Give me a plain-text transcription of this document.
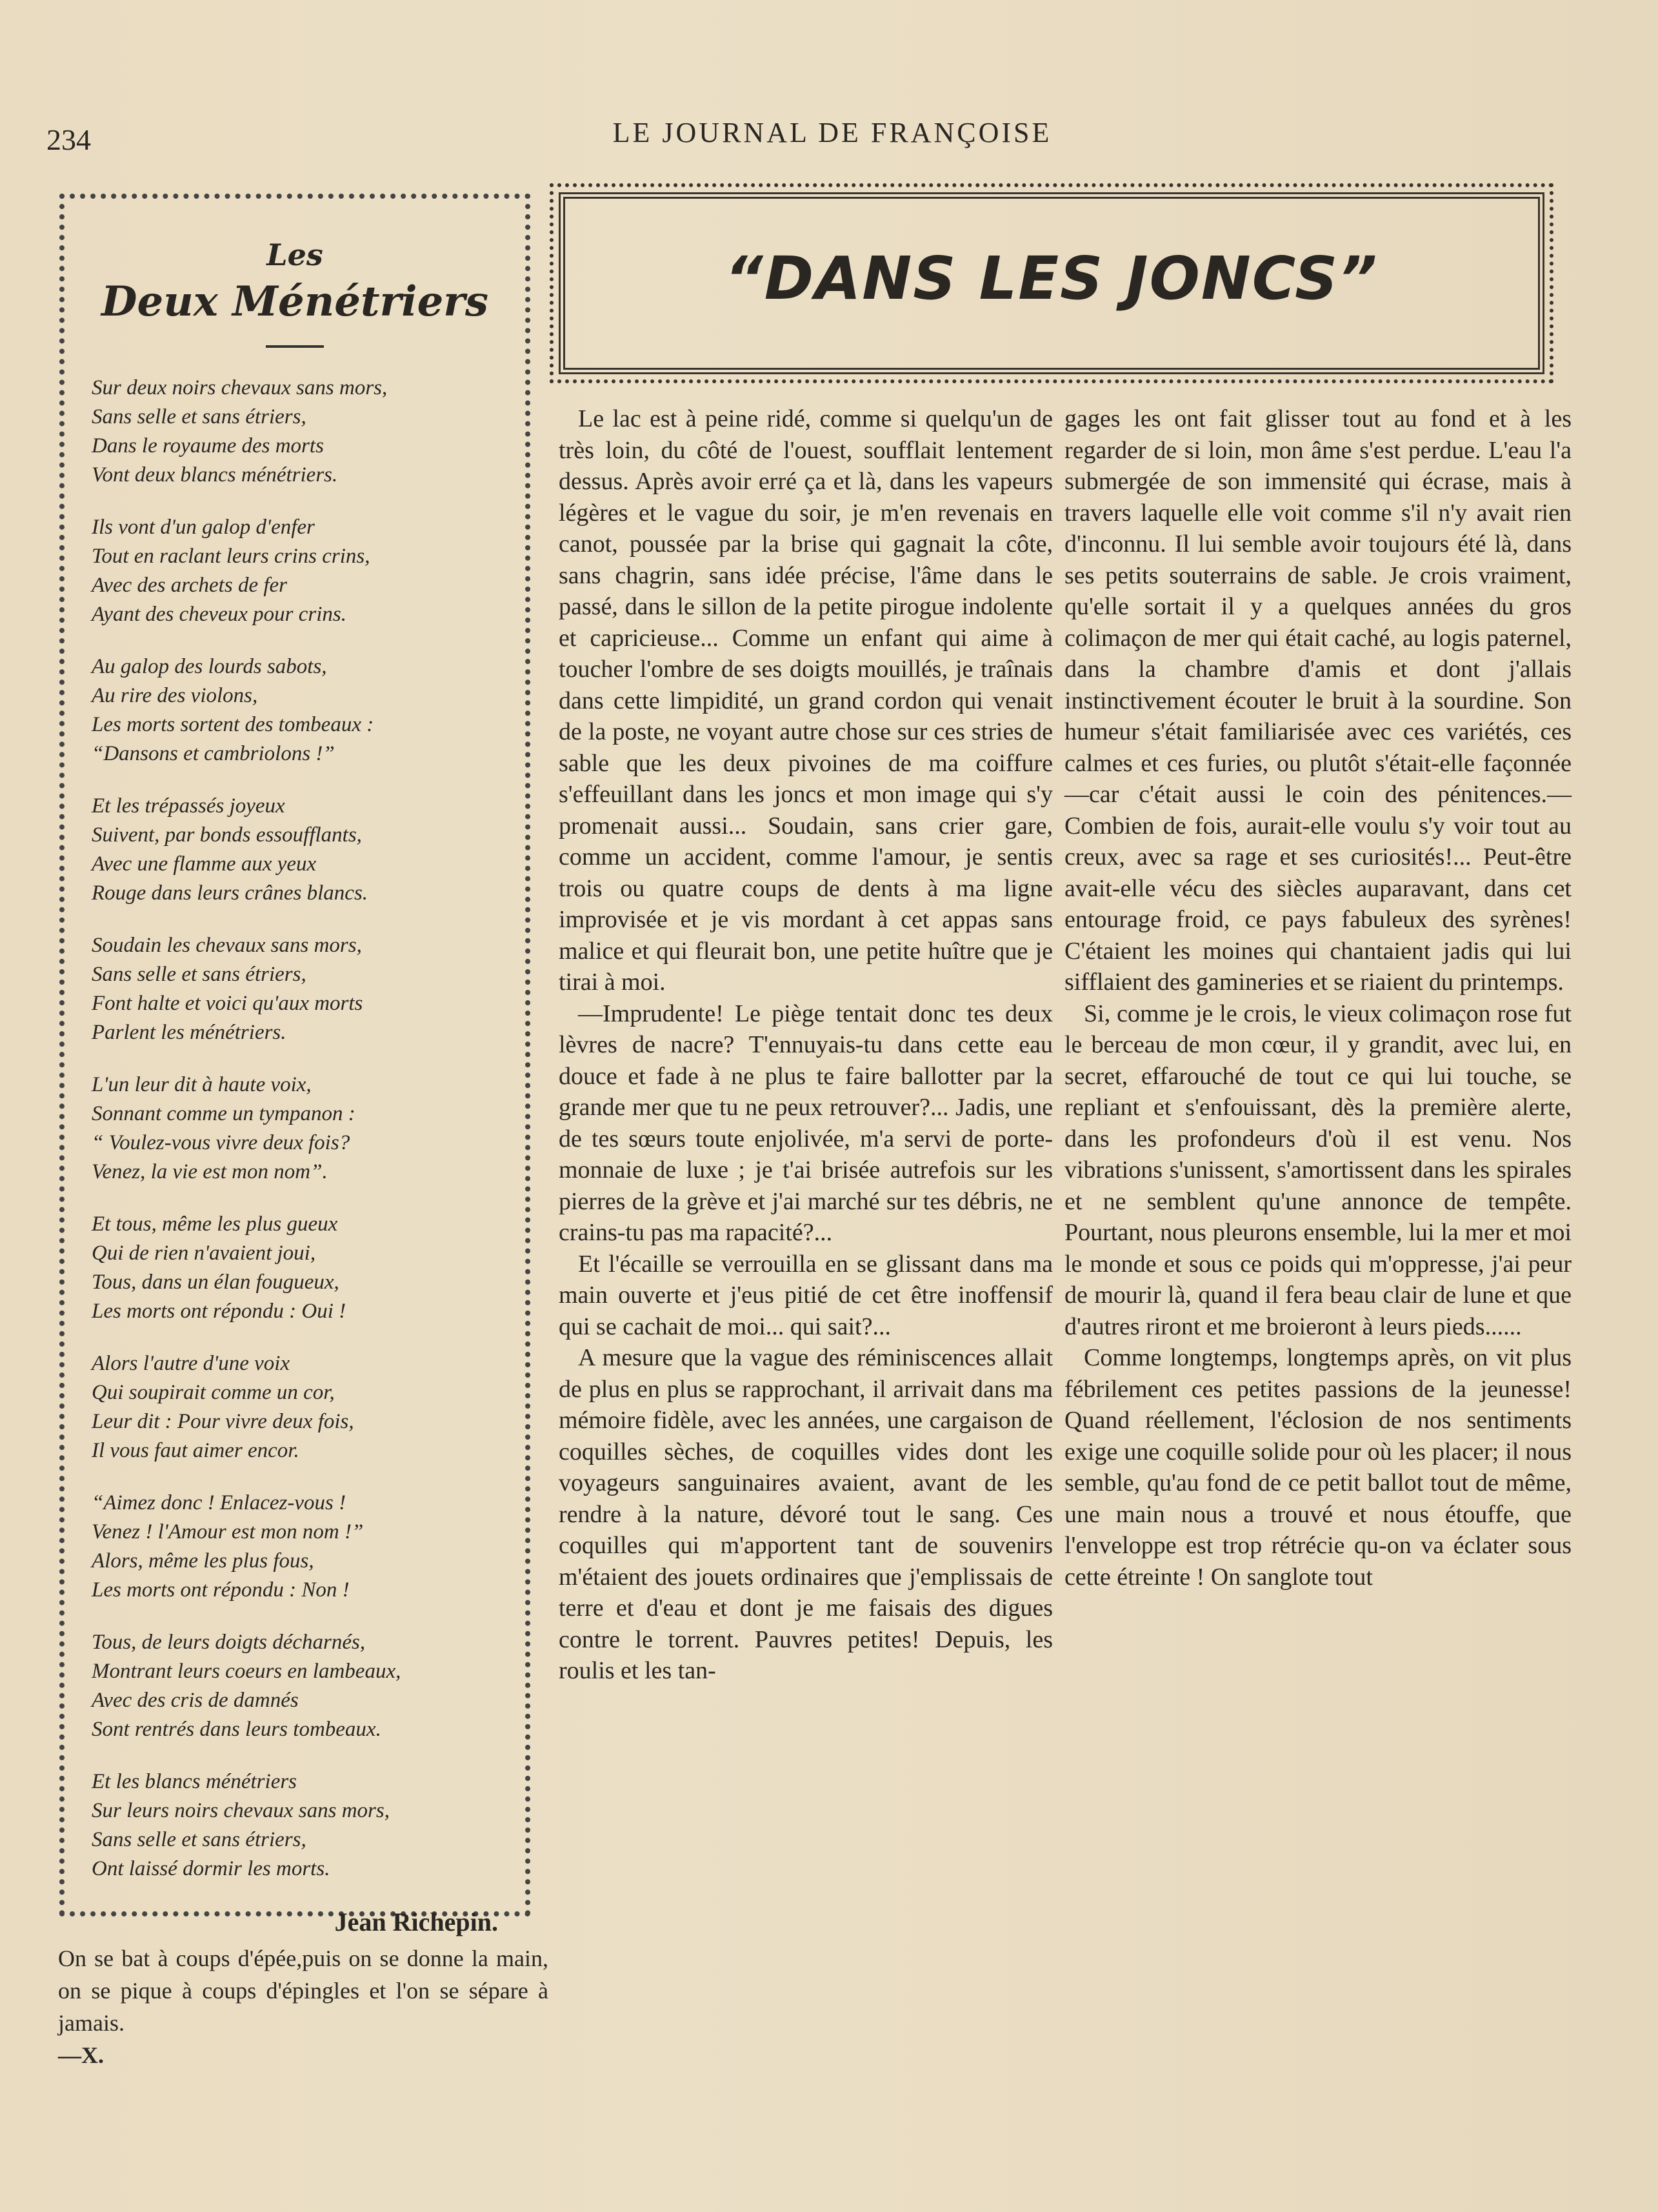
234	LE JOURNAL DE FRANÇOISE
Les
Deux Ménétriers
Sur deux noirs chevaux sans mors,
Sans selle et sans étriers,
Dans le royaume des morts
Vont deux blancs ménétriers.
Ils vont d'un galop d'enfer
Tout en raclant leurs crins crins,
Avec des archets de fer
Ayant des cheveux pour crins.
Au galop des lourds sabots,
Au rire des violons,
Les morts sortent des tombeaux :
“Dansons et cambriolons !”
Et les trépassés joyeux
Suivent, par bonds essoufflants,
Avec une flamme aux yeux
Rouge dans leurs crânes blancs.
Soudain les chevaux sans mors,
Sans selle et sans étriers,
Font halte et voici qu'aux morts
Parlent les ménétriers.
L'un leur dit à haute voix,
Sonnant comme un tympanon :
“ Voulez-vous vivre deux fois?
Venez, la vie est mon nom”.
Et tous, même les plus gueux
Qui de rien n'avaient joui,
Tous, dans un élan fougueux,
Les morts ont répondu : Oui !
Alors l'autre d'une voix
Qui soupirait comme un cor,
Leur dit : Pour vivre deux fois,
Il vous faut aimer encor.
“Aimez donc ! Enlacez-vous !
Venez ! l'Amour est mon nom !”
Alors, même les plus fous,
Les morts ont répondu : Non !
Tous, de leurs doigts décharnés,
Montrant leurs coeurs en lambeaux,
Avec des cris de damnés
Sont rentrés dans leurs tombeaux.
Et les blancs ménétriers
Sur leurs noirs chevaux sans mors,
Sans selle et sans étriers,
Ont laissé dormir les morts.
Jean Richepin.
On se bat à coups d'épée,puis on se donne la main, on se pique à coups d'épingles et l'on se sépare à jamais.
—X.
“DANS LES JONCS”

Le lac est à peine ridé, comme si quelqu'un de très loin, du côté de l'ouest, soufflait lentement dessus. Après avoir erré ça et là, dans les vapeurs légères et le vague du soir, je m'en revenais en canot, poussée par la brise qui gagnait la côte, sans chagrin, sans idée précise, l'âme dans le passé, dans le sillon de la petite pirogue indolente et capricieuse... Comme un enfant qui aime à toucher l'ombre de ses doigts mouillés, je traînais dans cette limpidité, un grand cordon qui venait de la poste, ne voyant autre chose sur ces stries de sable que les deux pivoines de ma coiffure s'effeuillant dans les joncs et mon image qui s'y promenait aussi... Soudain, sans crier gare, comme un accident, comme l'amour, je sentis trois ou quatre coups de dents à ma ligne improvisée et je vis mordant à cet appas sans malice et qui fleurait bon, une petite huître que je tirai à moi.

—Imprudente! Le piège tentait donc tes deux lèvres de nacre? T'ennuyais-tu dans cette eau douce et fade à ne plus te faire ballotter par la grande mer que tu ne peux retrouver?... Jadis, une de tes sœurs toute enjolivée, m'a servi de porte-monnaie de luxe ; je t'ai brisée autrefois sur les pierres de la grève et j'ai marché sur tes débris, ne crains-tu pas ma rapacité?...

Et l'écaille se verrouilla en se glissant dans ma main ouverte et j'eus pitié de cet être inoffensif qui se cachait de moi... qui sait?...

A mesure que la vague des réminiscences allait de plus en plus se rapprochant, il arrivait dans ma mémoire fidèle, avec les années, une cargaison de coquilles sèches, de coquilles vides dont les voyageurs sanguinaires avaient, avant de les rendre à la nature, dévoré tout le sang. Ces coquilles qui m'apportent tant de souvenirs m'étaient des jouets ordinaires que j'emplissais de terre et d'eau et dont je me faisais des digues contre le torrent. Pauvres petites! Depuis, les roulis et les tan-

gages les ont fait glisser tout au fond et à les regarder de si loin, mon âme s'est perdue. L'eau l'a submergée de son immensité qui écrase, mais à travers laquelle elle voit comme s'il n'y avait rien d'inconnu. Il lui semble avoir toujours été là, dans ses petits souterrains de sable. Je crois vraiment, qu'elle sortait il y a quelques années du gros colimaçon de mer qui était caché, au logis paternel, dans la chambre d'amis et dont j'allais instinctivement écouter le bruit à la sourdine. Son humeur s'était familiarisée avec ces variétés, ces calmes et ces furies, ou plutôt s'était-elle façonnée—car c'était aussi le coin des pénitences.—Combien de fois, aurait-elle voulu s'y voir tout au creux, avec sa rage et ses curiosités!... Peut-être avait-elle vécu des siècles auparavant, dans cet entourage froid, ce pays fabuleux des syrènes! C'étaient les moines qui chantaient jadis qui lui sifflaient des gamineries et se riaient du printemps.

Si, comme je le crois, le vieux colimaçon rose fut le berceau de mon cœur, il y grandit, avec lui, en secret, effarouché de tout ce qui lui touche, se repliant et s'enfouissant, dès la première alerte, dans les profondeurs d'où il est venu. Nos vibrations s'unissent, s'amortissent dans les spirales et ne semblent qu'une annonce de tempête. Pourtant, nous pleurons ensemble, lui la mer et moi le monde et sous ce poids qui m'oppresse, j'ai peur de mourir là, quand il fera beau clair de lune et que d'autres riront et me broieront à leurs pieds......

Comme longtemps, longtemps après, on vit plus fébrilement ces petites passions de la jeunesse! Quand réellement, l'éclosion de nos sentiments exige une coquille solide pour où les placer; il nous semble, qu'au fond de ce petit ballot tout de même, une main nous a trouvé et nous étouffe, que l'enveloppe est trop rétrécie qu-on va éclater sous cette étreinte ! On sanglote tout
